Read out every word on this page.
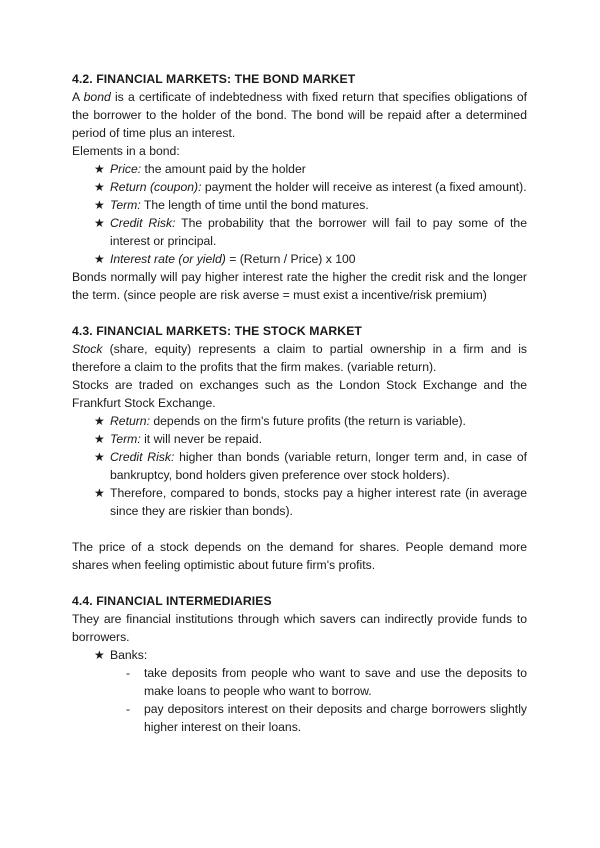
4.2. FINANCIAL MARKETS: THE BOND MARKET

A bond is a certificate of indebtedness with fixed return that specifies obligations of the borrower to the holder of the bond. The bond will be repaid after a determined period of time plus an interest.

Elements in a bond:

★ Price: the amount paid by the holder
★ Return (coupon): payment the holder will receive as interest (a fixed amount).
★ Term: The length of time until the bond matures.
★ Credit Risk: The probability that the borrower will fail to pay some of the interest or principal.
★ Interest rate (or yield) = (Return / Price) x 100

Bonds normally will pay higher interest rate the higher the credit risk and the longer the term. (since people are risk averse = must exist a incentive/risk premium)

4.3. FINANCIAL MARKETS: THE STOCK MARKET

Stock (share, equity) represents a claim to partial ownership in a firm and is therefore a claim to the profits that the firm makes. (variable return).

Stocks are traded on exchanges such as the London Stock Exchange and the Frankfurt Stock Exchange.

★ Return: depends on the firm's future profits (the return is variable).
★ Term: it will never be repaid.
★ Credit Risk: higher than bonds (variable return, longer term and, in case of bankruptcy, bond holders given preference over stock holders).
★ Therefore, compared to bonds, stocks pay a higher interest rate (in average since they are riskier than bonds).

The price of a stock depends on the demand for shares. People demand more shares when feeling optimistic about future firm's profits.

4.4. FINANCIAL INTERMEDIARIES

They are financial institutions through which savers can indirectly provide funds to borrowers.

★ Banks:
- take deposits from people who want to save and use the deposits to make loans to people who want to borrow.
- pay depositors interest on their deposits and charge borrowers slightly higher interest on their loans.
